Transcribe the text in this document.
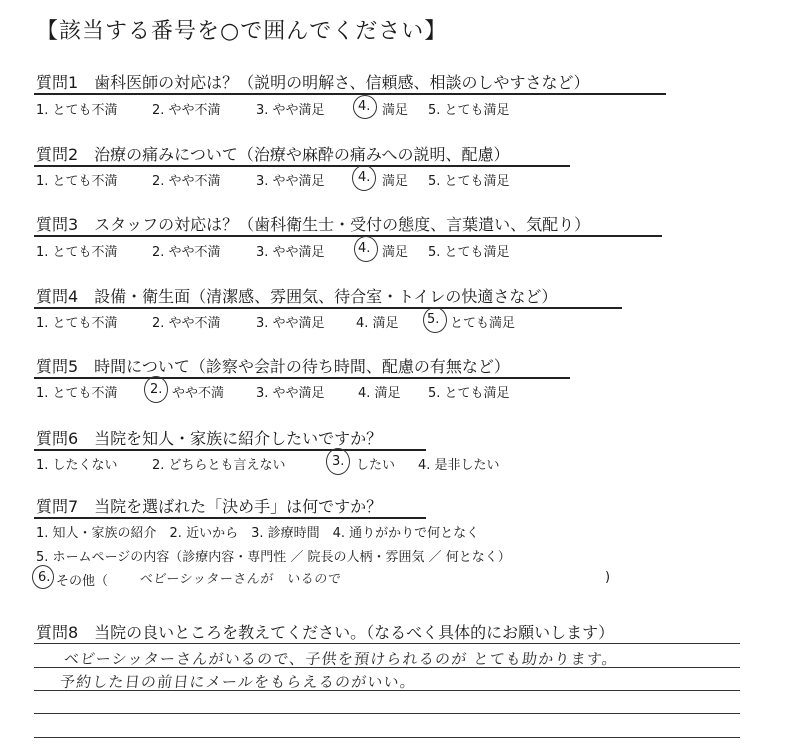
【該当する番号を○で囲んでください】
質問1　歯科医師の対応は？（説明の明解さ、信頼感、相談のしやすさなど）
1. とても不満	2. やや不満	3. やや満足	4. 満足 5. とても満足
質問2　治療の痛みについて（治療や麻酔の痛みへの説明、配慮）
1. とても不満	2. やや不満	3. やや満足	4. 満足 5. とても満足
質問3　スタッフの対応は？（歯科衛生士・受付の態度、言葉遣い、気配り）
1. とても不満	2. やや不満	3. やや満足	4. 満足 5. とても満足
質問4　設備・衛生面（清潔感、雰囲気、待合室・トイレの快適さなど）
1. とても不満	2. やや不満	3. やや満足 4. 満足 5. とても満足
質問5　時間について（診察や会計の待ち時間、配慮の有無など）
1. とても不満 2. やや不満 3. やや満足	4. 満足 5. とても満足
質問6　当院を知人・家族に紹介したいですか？
1. したくない	2. どちらとも言えない	3. したい 4. 是非したい
質問7　当院を選ばれた「決め手」は何ですか？
1. 知人・家族の紹介　2. 近いから　3. 診療時間　4. 通りがかりで何となく
5. ホームページの内容（診療内容・専門性 ／ 院長の人柄・雰囲気 ／ 何となく）
6. その他（ ベビーシッターさんが　いるので	)
質問8　当院の良いところを教えてください。（なるべく具体的にお願いします）
ベビーシッターさんがいるので、子供を預けられるのが とても助かります。
予約した日の前日にメールをもらえるのがいい。
